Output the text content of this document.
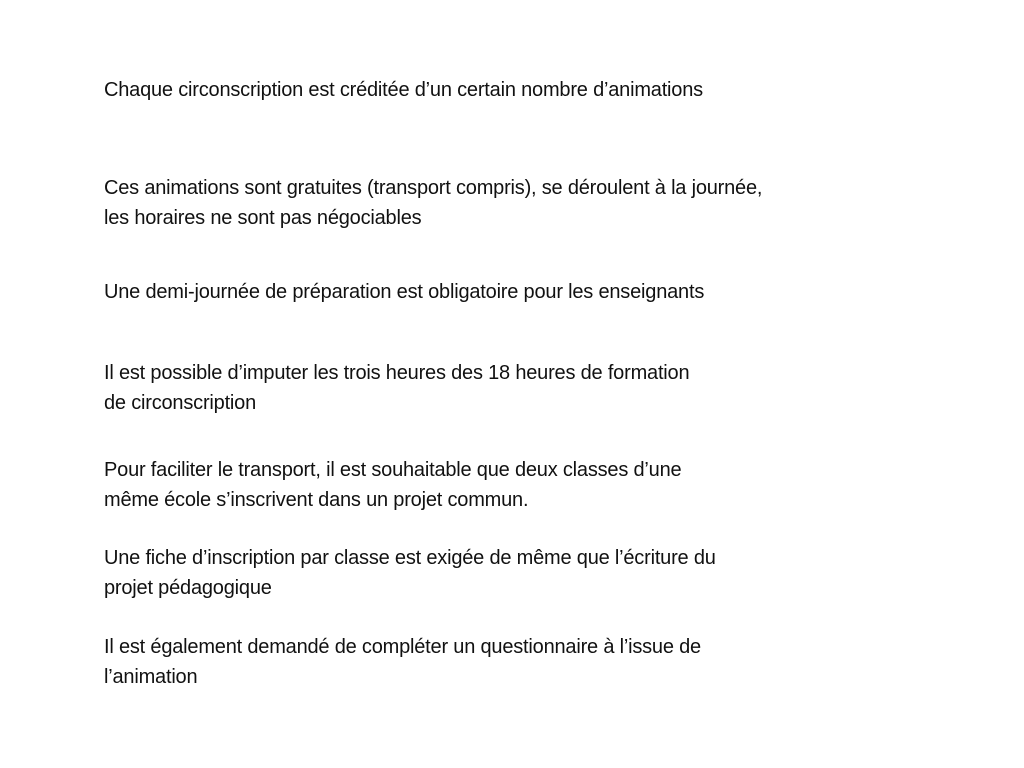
Chaque circonscription est créditée d’un certain nombre d’animations

Ces animations sont gratuites (transport compris), se déroulent à la journée,
les horaires ne sont pas négociables

Une demi-journée de préparation est obligatoire pour les enseignants

Il est possible d’imputer les trois heures des 18 heures de formation
de circonscription

Pour faciliter le transport, il est souhaitable que deux classes d’une
même école s’inscrivent dans un projet commun.

Une fiche d’inscription par classe est exigée de même que l’écriture du
projet pédagogique

Il est également demandé de compléter un questionnaire à l’issue de
l’animation
